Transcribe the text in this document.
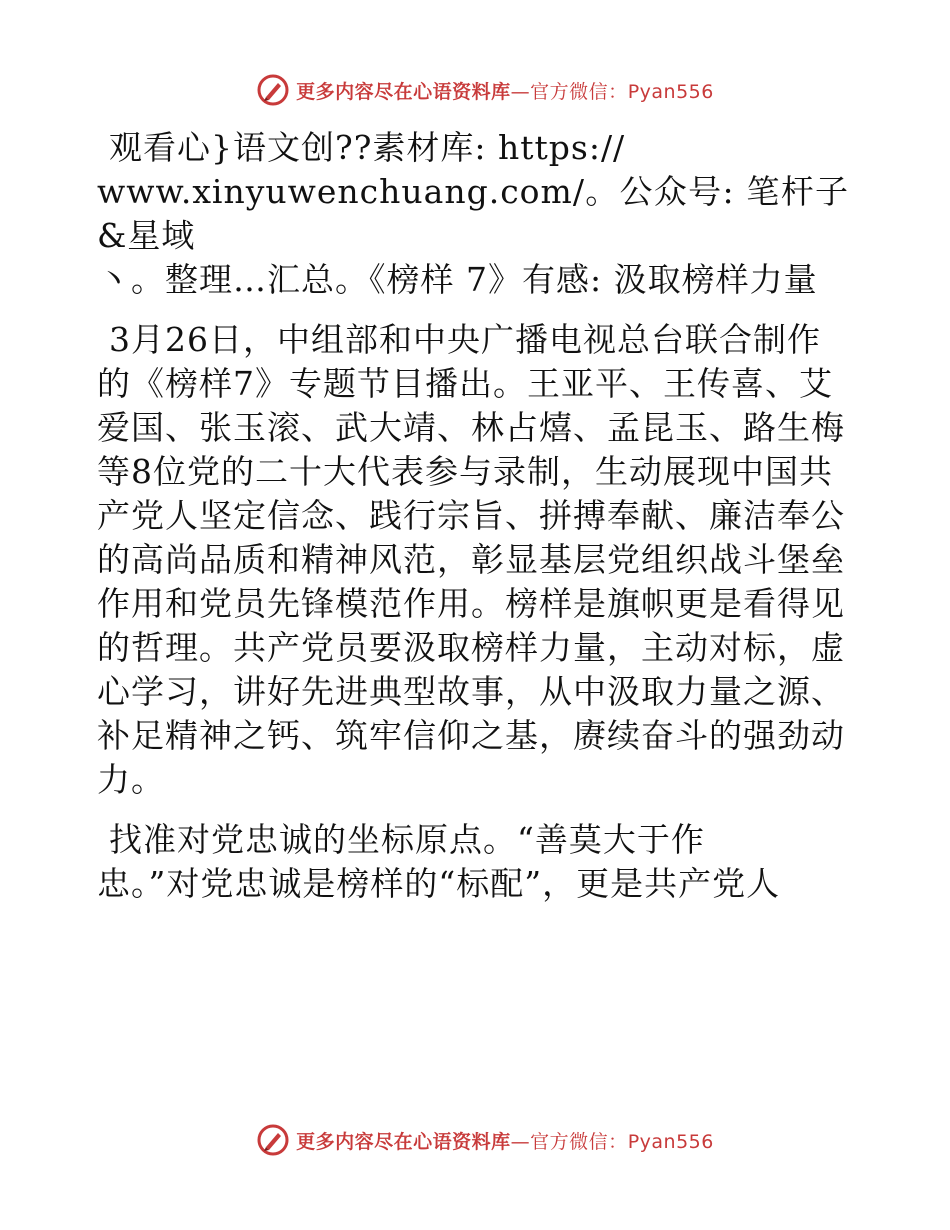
更多内容尽在心语资料库—官方微信：Pyan556

观看心}语文创??素材库: https://
www.xinyuwenchuang.com/。公众号: 笔杆子&星域
丶。整理…汇总。《榜样 7》有感: 汲取榜样力量

3月26日，中组部和中央广播电视总台联合制作
的《榜样7》专题节目播出。王亚平、王传喜、艾
爱国、张玉滚、武大靖、林占熺、孟昆玉、路生梅
等8位党的二十大代表参与录制，生动展现中国共
产党人坚定信念、践行宗旨、拼搏奉献、廉洁奉公
的高尚品质和精神风范，彰显基层党组织战斗堡垒
作用和党员先锋模范作用。榜样是旗帜更是看得见
的哲理。共产党员要汲取榜样力量，主动对标，虚
心学习，讲好先进典型故事，从中汲取力量之源、
补足精神之钙、筑牢信仰之基，赓续奋斗的强劲动
力。

找准对党忠诚的坐标原点。“善莫大于作
忠。”对党忠诚是榜样的“标配”，更是共产党人

更多内容尽在心语资料库—官方微信：Pyan556
